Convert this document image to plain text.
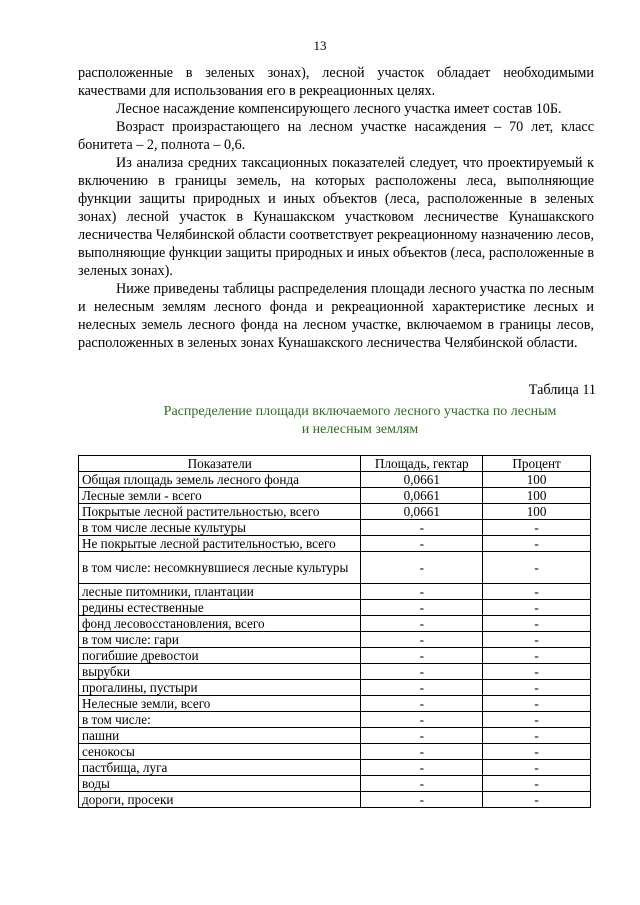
13

расположенные в зеленых зонах), лесной участок обладает необходимыми качествами для использования его в рекреационных целях.

Лесное насаждение компенсирующего лесного участка имеет состав 10Б.

Возраст произрастающего на лесном участке насаждения – 70 лет, класс бонитета – 2, полнота – 0,6.

Из анализа средних таксационных показателей следует, что проектируемый к включению в границы земель, на которых расположены леса, выполняющие функции защиты природных и иных объектов (леса, расположенные в зеленых зонах) лесной участок в Кунашакском участковом лесничестве Кунашакского лесничества Челябинской области соответствует рекреационному назначению лесов, выполняющие функции защиты природных и иных объектов (леса, расположенные в зеленых зонах).

Ниже приведены таблицы распределения площади лесного участка по лесным и нелесным землям лесного фонда и рекреационной характеристике лесных и нелесных земель лесного фонда на лесном участке, включаемом в границы лесов, расположенных в зеленых зонах Кунашакского лесничества Челябинской области.

Таблица 11
Распределение площади включаемого лесного участка по лесным
и нелесным землям
Показатели	Площадь, гектар	Процент
Общая площадь земель лесного фонда	0,0661	100
Лесные земли - всего	0,0661	100
Покрытые лесной растительностью, всего	0,0661	100
в том числе лесные культуры	-	-
Не покрытые лесной растительностью, всего	-	-
в том числе: несомкнувшиеся лесные культуры	-	-
лесные питомники, плантации	-	-
редины естественные	-	-
фонд лесовосстановления, всего	-	-
в том числе: гари	-	-
погибшие древостои	-	-
вырубки	-	-
прогалины, пустыри	-	-
Нелесные земли, всего	-	-
в том числе:	-	-
пашни	-	-
сенокосы	-	-
пастбища, луга	-	-
воды	-	-
дороги, просеки	-	-
